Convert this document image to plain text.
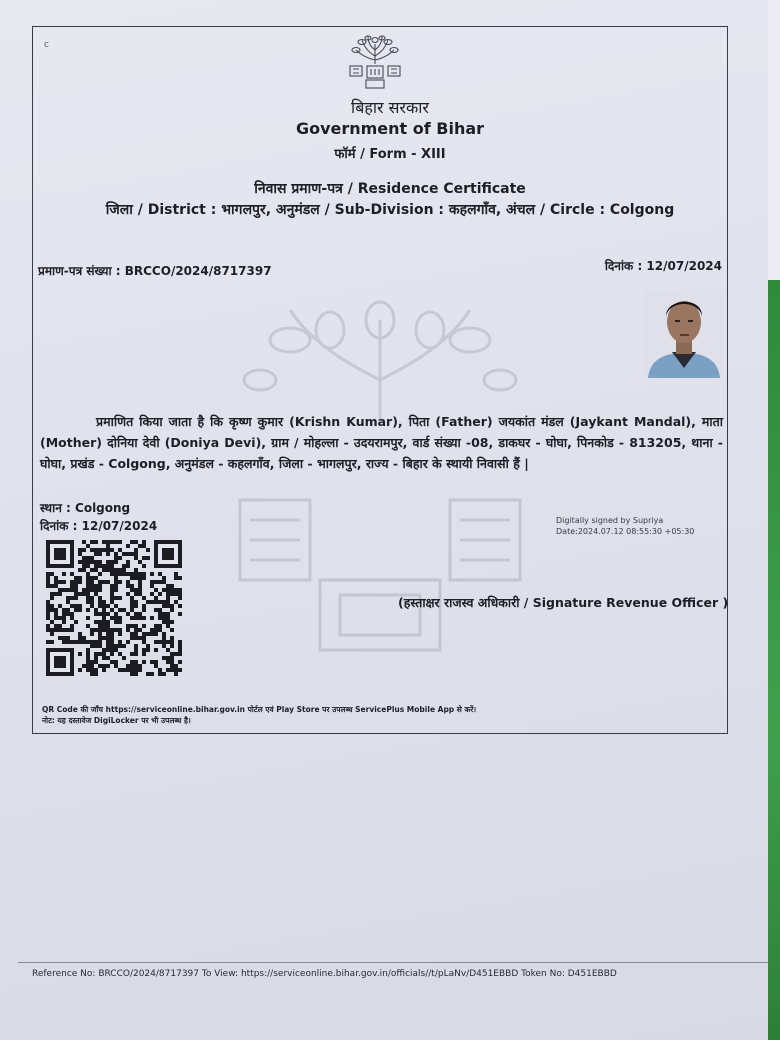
c
बिहार सरकार
Government of Bihar
फॉर्म / Form - XIII
निवास प्रमाण-पत्र / Residence Certificate
जिला / District : भागलपुर, अनुमंडल / Sub-Division : कहलगाँव, अंचल / Circle : Colgong
प्रमाण-पत्र संख्या : BRCCO/2024/8717397	दिनांक : 12/07/2024
प्रमाणित किया जाता है कि कृष्ण कुमार (Krishn Kumar), पिता (Father) जयकांत मंडल (Jaykant Mandal), माता (Mother) दोनिया देवी (Doniya Devi), ग्राम / मोहल्ला - उदयरामपुर, वार्ड संख्या -08, डाकघर - घोघा, पिनकोड - 813205, थाना - घोघा, प्रखंड - Colgong, अनुमंडल - कहलगाँव, जिला - भागलपुर, राज्य - बिहार के स्थायी निवासी हैं |
स्थान : Colgong
दिनांक : 12/07/2024	Digitally signed by Supriya
Date:2024.07.12 08:55:30 +05:30
(हस्ताक्षर राजस्व अधिकारी / Signature Revenue Officer )
QR Code की जाँच https://serviceonline.bihar.gov.in पोर्टल एवं Play Store पर उपलब्ध ServicePlus Mobile App से करें।
नोट: यह दस्तावेज DigiLocker पर भी उपलब्ध है।
Reference No: BRCCO/2024/8717397 To View: https://serviceonline.bihar.gov.in/officials//t/pLaNv/D451EBBD Token No: D451EBBD
